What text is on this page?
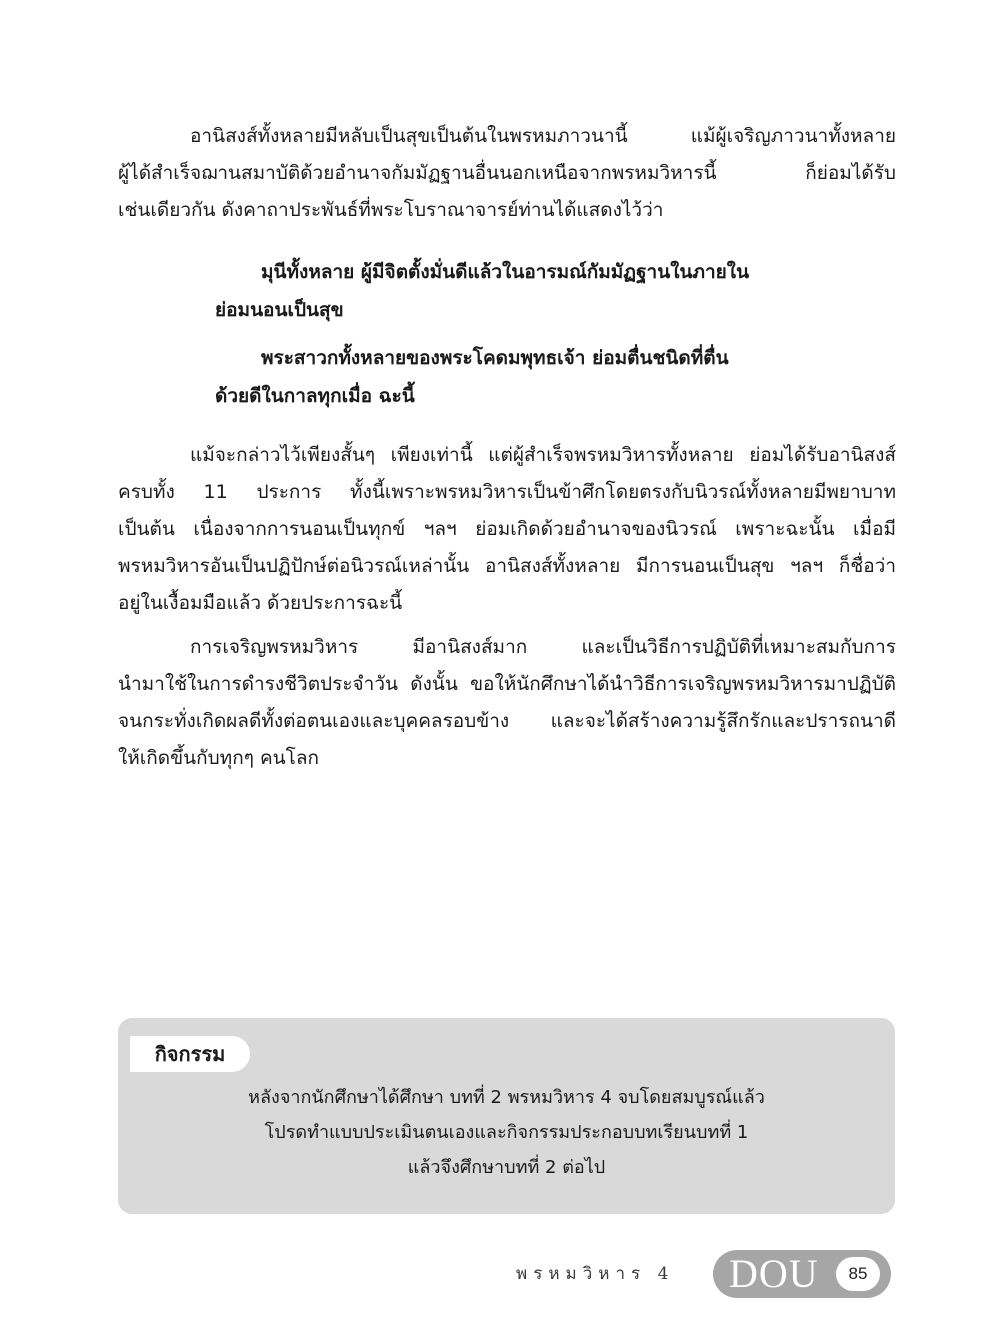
อานิสงส์ทั้งหลายมีหลับเป็นสุขเป็นต้นในพรหมภาวนานี้ แม้ผู้เจริญภาวนาทั้งหลาย
ผู้ได้สำเร็จฌานสมาบัติด้วยอำนาจกัมมัฏฐานอื่นนอกเหนือจากพรหมวิหารนี้ ก็ย่อมได้รับ
เช่นเดียวกัน ดังคาถาประพันธ์ที่พระโบราณาจารย์ท่านได้แสดงไว้ว่า
มุนีทั้งหลาย ผู้มีจิตตั้งมั่นดีแล้วในอารมณ์กัมมัฏฐานในภายใน
ย่อมนอนเป็นสุข
พระสาวกทั้งหลายของพระโคดมพุทธเจ้า ย่อมตื่นชนิดที่ตื่น
ด้วยดีในกาลทุกเมื่อ ฉะนี้
แม้จะกล่าวไว้เพียงสั้นๆ เพียงเท่านี้ แต่ผู้สำเร็จพรหมวิหารทั้งหลาย ย่อมได้รับอานิสงส์
ครบทั้ง 11 ประการ ทั้งนี้เพราะพรหมวิหารเป็นข้าศึกโดยตรงกับนิวรณ์ทั้งหลายมีพยาบาท
เป็นต้น เนื่องจากการนอนเป็นทุกข์ ฯลฯ ย่อมเกิดด้วยอำนาจของนิวรณ์ เพราะฉะนั้น เมื่อมี
พรหมวิหารอันเป็นปฏิปักษ์ต่อนิวรณ์เหล่านั้น อานิสงส์ทั้งหลาย มีการนอนเป็นสุข ฯลฯ ก็ชื่อว่า
อยู่ในเงื้อมมือแล้ว ด้วยประการฉะนี้
การเจริญพรหมวิหาร มีอานิสงส์มาก และเป็นวิธีการปฏิบัติที่เหมาะสมกับการ
นำมาใช้ในการดำรงชีวิตประจำวัน ดังนั้น ขอให้นักศึกษาได้นำวิธีการเจริญพรหมวิหารมาปฏิบัติ
จนกระทั่งเกิดผลดีทั้งต่อตนเองและบุคคลรอบข้าง และจะได้สร้างความรู้สึกรักและปรารถนาดี
ให้เกิดขึ้นกับทุกๆ คนโลก
กิจกรรม
หลังจากนักศึกษาได้ศึกษา บทที่ 2 พรหมวิหาร 4 จบโดยสมบูรณ์แล้ว
โปรดทำแบบประเมินตนเองและกิจกรรมประกอบบทเรียนบทที่ 1
แล้วจึงศึกษาบทที่ 2 ต่อไป
พรหมวิหาร 4 DOU	85
